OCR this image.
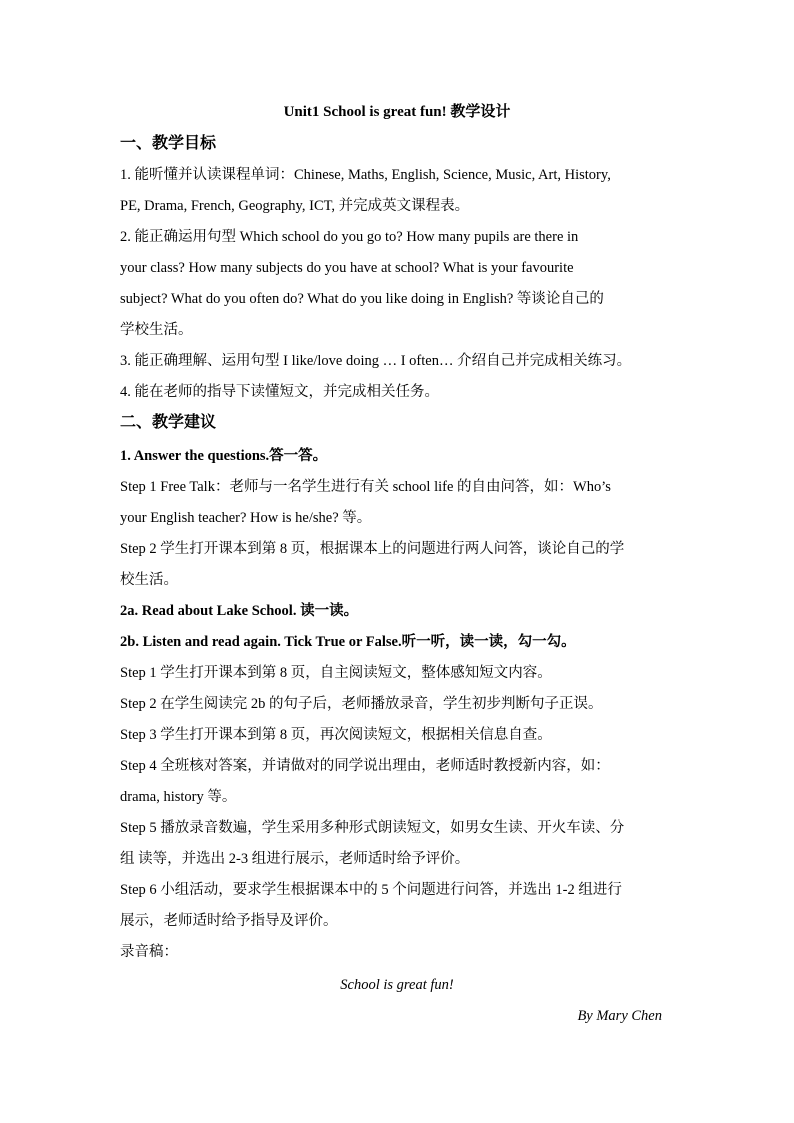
Unit1 School is great fun! 教学设计
一、教学目标
1. 能听懂并认读课程单词：Chinese, Maths, English, Science, Music, Art, History,
PE, Drama, French, Geography, ICT, 并完成英文课程表。
2. 能正确运用句型 Which school do you go to? How many pupils are there in
your class? How many subjects do you have at school? What is your favourite
subject? What do you often do? What do you like doing in English? 等谈论自己的
学校生活。
3. 能正确理解、运用句型 I like/love doing … I often… 介绍自己并完成相关练习。
4. 能在老师的指导下读懂短文，并完成相关任务。
二、教学建议
1. Answer the questions.答一答。
Step 1 Free Talk：老师与一名学生进行有关 school life 的自由问答，如：Who’s
your English teacher? How is he/she? 等。
Step 2 学生打开课本到第 8 页，根据课本上的问题进行两人问答，谈论自己的学
校生活。
2a. Read about Lake School. 读一读。
2b. Listen and read again. Tick True or False.听一听，读一读，勾一勾。
Step 1 学生打开课本到第 8 页，自主阅读短文，整体感知短文内容。
Step 2 在学生阅读完 2b 的句子后，老师播放录音，学生初步判断句子正误。
Step 3 学生打开课本到第 8 页，再次阅读短文，根据相关信息自查。
Step 4 全班核对答案，并请做对的同学说出理由，老师适时教授新内容，如：
drama, history 等。
Step 5 播放录音数遍，学生采用多种形式朗读短文，如男女生读、开火车读、分
组 读等，并选出 2-3 组进行展示，老师适时给予评价。
Step 6 小组活动，要求学生根据课本中的 5 个问题进行问答，并选出 1-2 组进行
展示，老师适时给予指导及评价。
录音稿：
School is great fun!
By Mary Chen
